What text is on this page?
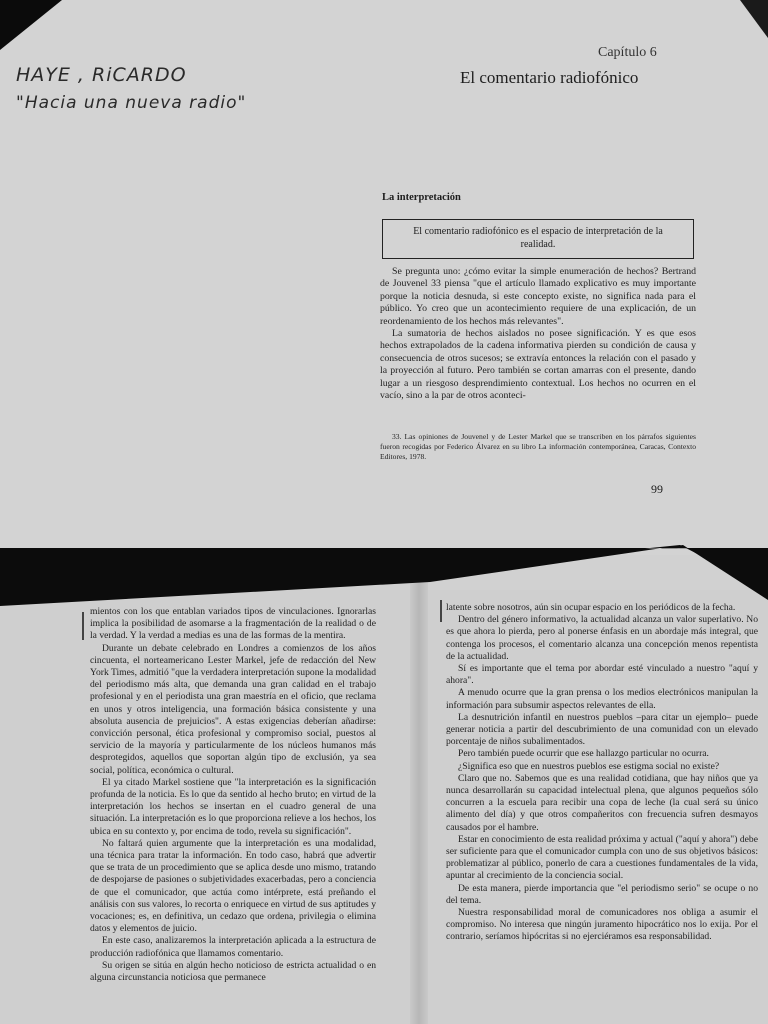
HAYE , RiCARDO
"Hacia una nueva radio"
Capítulo 6
El comentario radiofónico
La interpretación

El comentario radiofónico es el espacio de interpretación de la realidad.

Se pregunta uno: ¿cómo evitar la simple enumeración de hechos? Bertrand de Jouvenel 33 piensa "que el artículo llamado explicativo es muy importante porque la noticia desnuda, si este concepto existe, no significa nada para el público. Yo creo que un acontecimiento requiere de una explicación, de un reordenamiento de los hechos más relevantes".

La sumatoria de hechos aislados no posee significación. Y es que esos hechos extrapolados de la cadena informativa pierden su condición de causa y consecuencia de otros sucesos; se extravía entonces la relación con el pasado y la proyección al futuro. Pero también se cortan amarras con el presente, dando lugar a un riesgoso desprendimiento contextual. Los hechos no ocurren en el vacío, sino a la par de otros aconteci-

33. Las opiniones de Jouvenel y de Lester Markel que se transcriben en los párrafos siguientes fueron recogidas por Federico Álvarez en su libro La información contemporánea, Caracas, Contexto Editores, 1978.

99

mientos con los que entablan variados tipos de vinculaciones. Ignorarlas implica la posibilidad de asomarse a la fragmentación de la realidad o de la verdad. Y la verdad a medias es una de las formas de la mentira.

Durante un debate celebrado en Londres a comienzos de los años cincuenta, el norteamericano Lester Markel, jefe de redacción del New York Times, admitió "que la verdadera interpretación supone la modalidad del periodismo más alta, que demanda una gran calidad en el trabajo profesional y en el periodista una gran maestría en el oficio, que reclama en unos y otros inteligencia, una formación básica consistente y una absoluta ausencia de prejuicios". A estas exigencias deberían añadirse: convicción personal, ética profesional y compromiso social, puestos al servicio de la mayoría y particularmente de los núcleos humanos más desprotegidos, aquellos que soportan algún tipo de exclusión, ya sea social, política, económica o cultural.

El ya citado Markel sostiene que "la interpretación es la significación profunda de la noticia. Es lo que da sentido al hecho bruto; en virtud de la interpretación los hechos se insertan en el cuadro general de una situación. La interpretación es lo que proporciona relieve a los hechos, los ubica en su contexto y, por encima de todo, revela su significación".

No faltará quien argumente que la interpretación es una modalidad, una técnica para tratar la información. En todo caso, habrá que advertir que se trata de un procedimiento que se aplica desde uno mismo, tratando de despojarse de pasiones o subjetividades exacerbadas, pero a conciencia de que el comunicador, que actúa como intérprete, está preñando el análisis con sus valores, lo recorta o enriquece en virtud de sus aptitudes y vocaciones; es, en definitiva, un cedazo que ordena, privilegia o elimina datos y elementos de juicio.

En este caso, analizaremos la interpretación aplicada a la estructura de producción radiofónica que llamamos comentario.

Su origen se sitúa en algún hecho noticioso de estricta actualidad o en alguna circunstancia noticiosa que permanece

latente sobre nosotros, aún sin ocupar espacio en los periódicos de la fecha.

Dentro del género informativo, la actualidad alcanza un valor superlativo. No es que ahora lo pierda, pero al ponerse énfasis en un abordaje más integral, que contenga los procesos, el comentario alcanza una concepción menos repentista de la actualidad.

Sí es importante que el tema por abordar esté vinculado a nuestro "aquí y ahora".

A menudo ocurre que la gran prensa o los medios electrónicos manipulan la información para subsumir aspectos relevantes de ella.

La desnutrición infantil en nuestros pueblos –para citar un ejemplo– puede generar noticia a partir del descubrimiento de una comunidad con un elevado porcentaje de niños subalimentados.

Pero también puede ocurrir que ese hallazgo particular no ocurra.

¿Significa eso que en nuestros pueblos ese estigma social no existe?

Claro que no. Sabemos que es una realidad cotidiana, que hay niños que ya nunca desarrollarán su capacidad intelectual plena, que algunos pequeños sólo concurren a la escuela para recibir una copa de leche (la cual será su único alimento del día) y que otros compañeritos con frecuencia sufren desmayos causados por el hambre.

Estar en conocimiento de esta realidad próxima y actual ("aquí y ahora") debe ser suficiente para que el comunicador cumpla con uno de sus objetivos básicos: problematizar al público, ponerlo de cara a cuestiones fundamentales de la vida, apuntar al crecimiento de la conciencia social.

De esta manera, pierde importancia que "el periodismo serio" se ocupe o no del tema.

Nuestra responsabilidad moral de comunicadores nos obliga a asumir el compromiso. No interesa que ningún juramento hipocrático nos lo exija. Por el contrario, seríamos hipócritas si no ejerciéramos esa responsabilidad.
